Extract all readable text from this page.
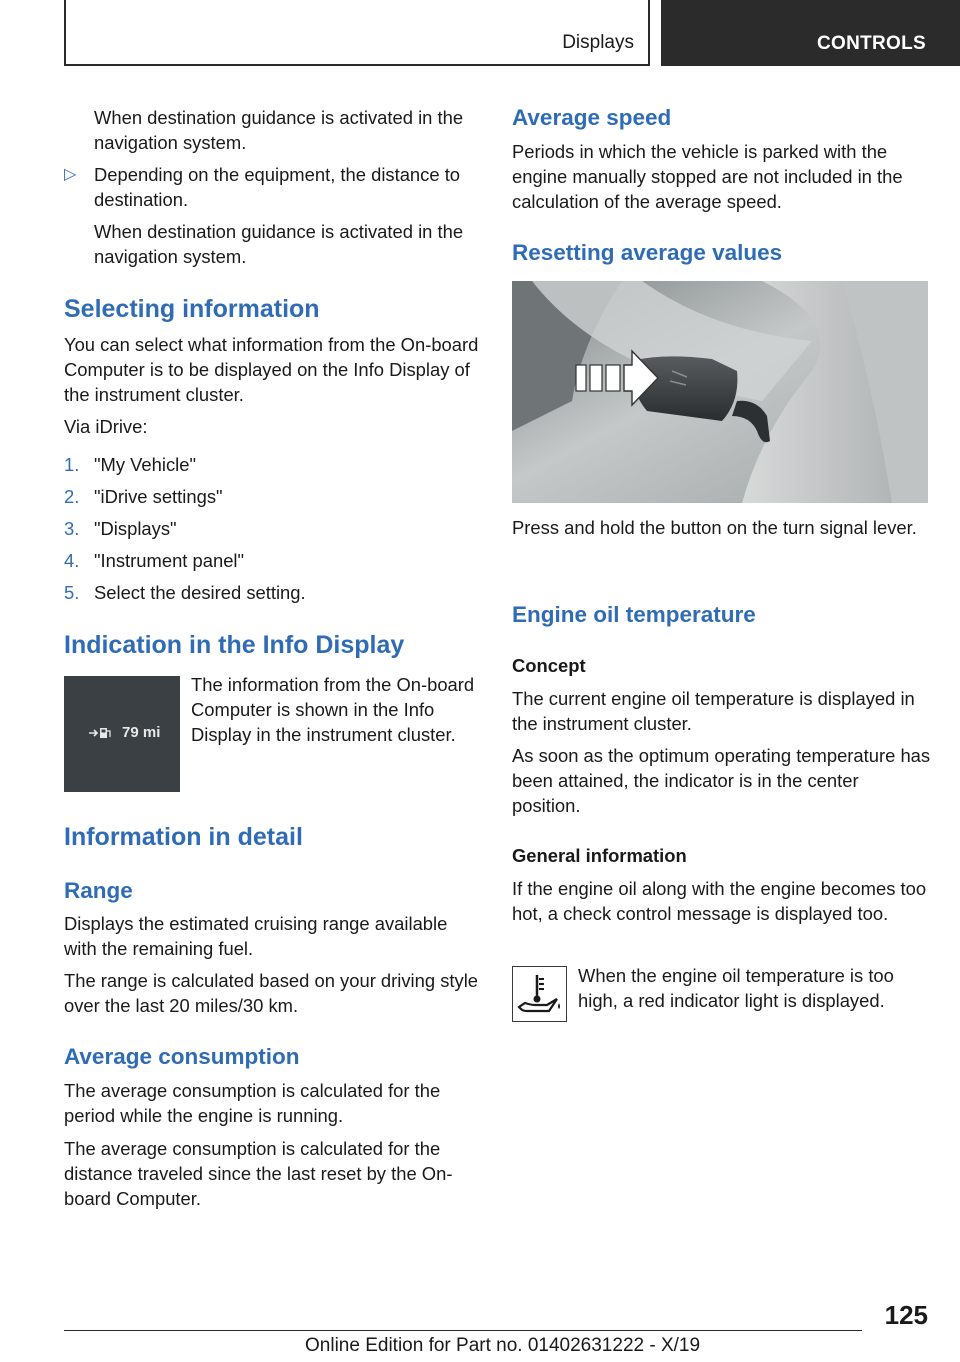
Displays	CONTROLS

When destination guidance is activated in the navigation system.

▷ Depending on the equipment, the distance to destination.

When destination guidance is activated in the navigation system.

Selecting information

You can select what information from the On-board Computer is to be displayed on the Info Display of the instrument cluster.

Via iDrive:

1. "My Vehicle"

2. "iDrive settings"

3. "Displays"

4. "Instrument panel"

5. Select the desired setting.

Indication in the Info Display
79 mi

The information from the On-board Computer is shown in the Info Display in the instrument cluster.

Information in detail
Range

Displays the estimated cruising range available with the remaining fuel.

The range is calculated based on your driving style over the last 20 miles/30 km.

Average consumption

The average consumption is calculated for the period while the engine is running.

The average consumption is calculated for the distance traveled since the last reset by the On-board Computer.

Average speed

Periods in which the vehicle is parked with the engine manually stopped are not included in the calculation of the average speed.

Resetting average values

Press and hold the button on the turn signal lever.

Engine oil temperature
Concept

The current engine oil temperature is displayed in the instrument cluster.

As soon as the optimum operating temperature has been attained, the indicator is in the center position.

General information

If the engine oil along with the engine becomes too hot, a check control message is displayed too.

When the engine oil temperature is too high, a red indicator light is displayed.

125
Online Edition for Part no. 01402631222 - X/19
